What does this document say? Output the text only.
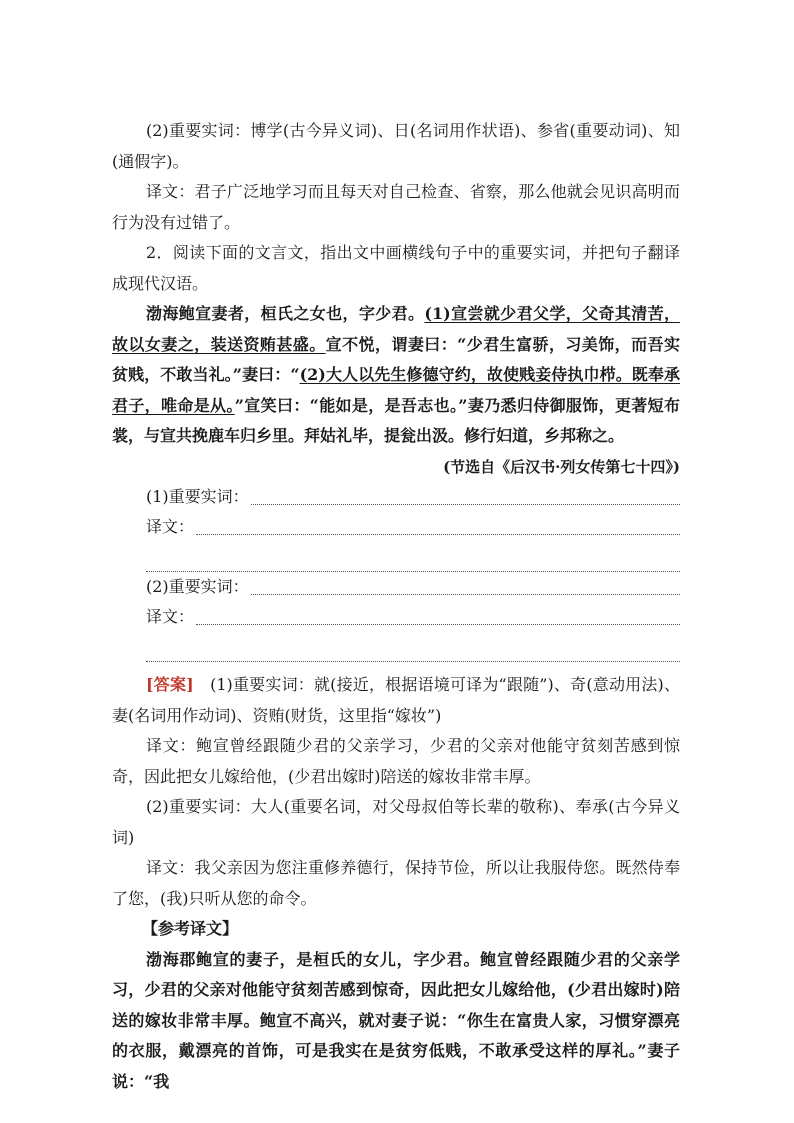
(2)重要实词：博学(古今异义词)、日(名词用作状语)、参省(重要动词)、知(通假字)。

译文：君子广泛地学习而且每天对自己检查、省察，那么他就会见识高明而行为没有过错了。

2．阅读下面的文言文，指出文中画横线句子中的重要实词，并把句子翻译成现代汉语。

渤海鲍宣妻者，桓氏之女也，字少君。(1)宣尝就少君父学，父奇其清苦，故以女妻之，装送资贿甚盛。宣不悦，谓妻曰：“少君生富骄，习美饰，而吾实贫贱，不敢当礼。”妻曰：“(2)大人以先生修德守约，故使贱妾侍执巾栉。既奉承君子，唯命是从。”宣笑曰：“能如是，是吾志也。”妻乃悉归侍御服饰，更著短布裳，与宣共挽鹿车归乡里。拜姑礼毕，提瓮出汲。修行妇道，乡邦称之。

(节选自《后汉书·列女传第七十四》)

(1)重要实词：
译文：
(2)重要实词：
译文：

[答案]　 (1)重要实词：就(接近，根据语境可译为“跟随”)、奇(意动用法)、妻(名词用作动词)、资贿(财货，这里指“嫁妆”)

译文：鲍宣曾经跟随少君的父亲学习，少君的父亲对他能守贫刻苦感到惊奇，因此把女儿嫁给他，(少君出嫁时)陪送的嫁妆非常丰厚。

(2)重要实词：大人(重要名词，对父母叔伯等长辈的敬称)、奉承(古今异义词)

译文：我父亲因为您注重修养德行，保持节俭，所以让我服侍您。既然侍奉了您，(我)只听从您的命令。

【参考译文】

渤海郡鲍宣的妻子，是桓氏的女儿，字少君。鲍宣曾经跟随少君的父亲学习，少君的父亲对他能守贫刻苦感到惊奇，因此把女儿嫁给他，(少君出嫁时)陪送的嫁妆非常丰厚。鲍宣不高兴，就对妻子说：“你生在富贵人家，习惯穿漂亮的衣服，戴漂亮的首饰，可是我实在是贫穷低贱，不敢承受这样的厚礼。”妻子说：“我
